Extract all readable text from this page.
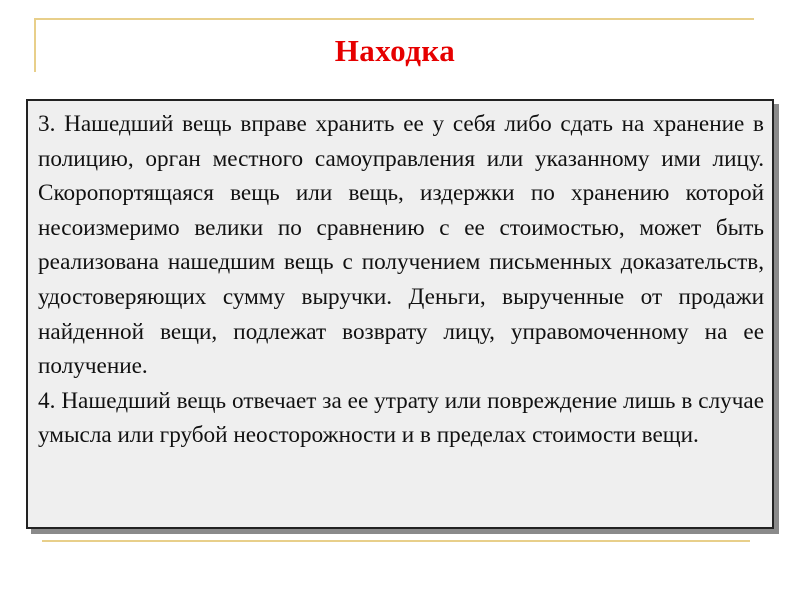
Находка

3. Нашедший вещь вправе хранить ее у себя либо сдать на хранение в полицию, орган местного самоуправления или указанному ими лицу. Скоропортящаяся вещь или вещь, издержки по хранению которой несоизмеримо велики по сравнению с ее стоимостью, может быть реализована нашедшим вещь с получением письменных доказательств, удостоверяющих сумму выручки. Деньги, вырученные от продажи найденной вещи, подлежат возврату лицу, управомоченному на ее получение.

4. Нашедший вещь отвечает за ее утрату или повреждение лишь в случае умысла или грубой неосторожности и в пределах стоимости вещи.
